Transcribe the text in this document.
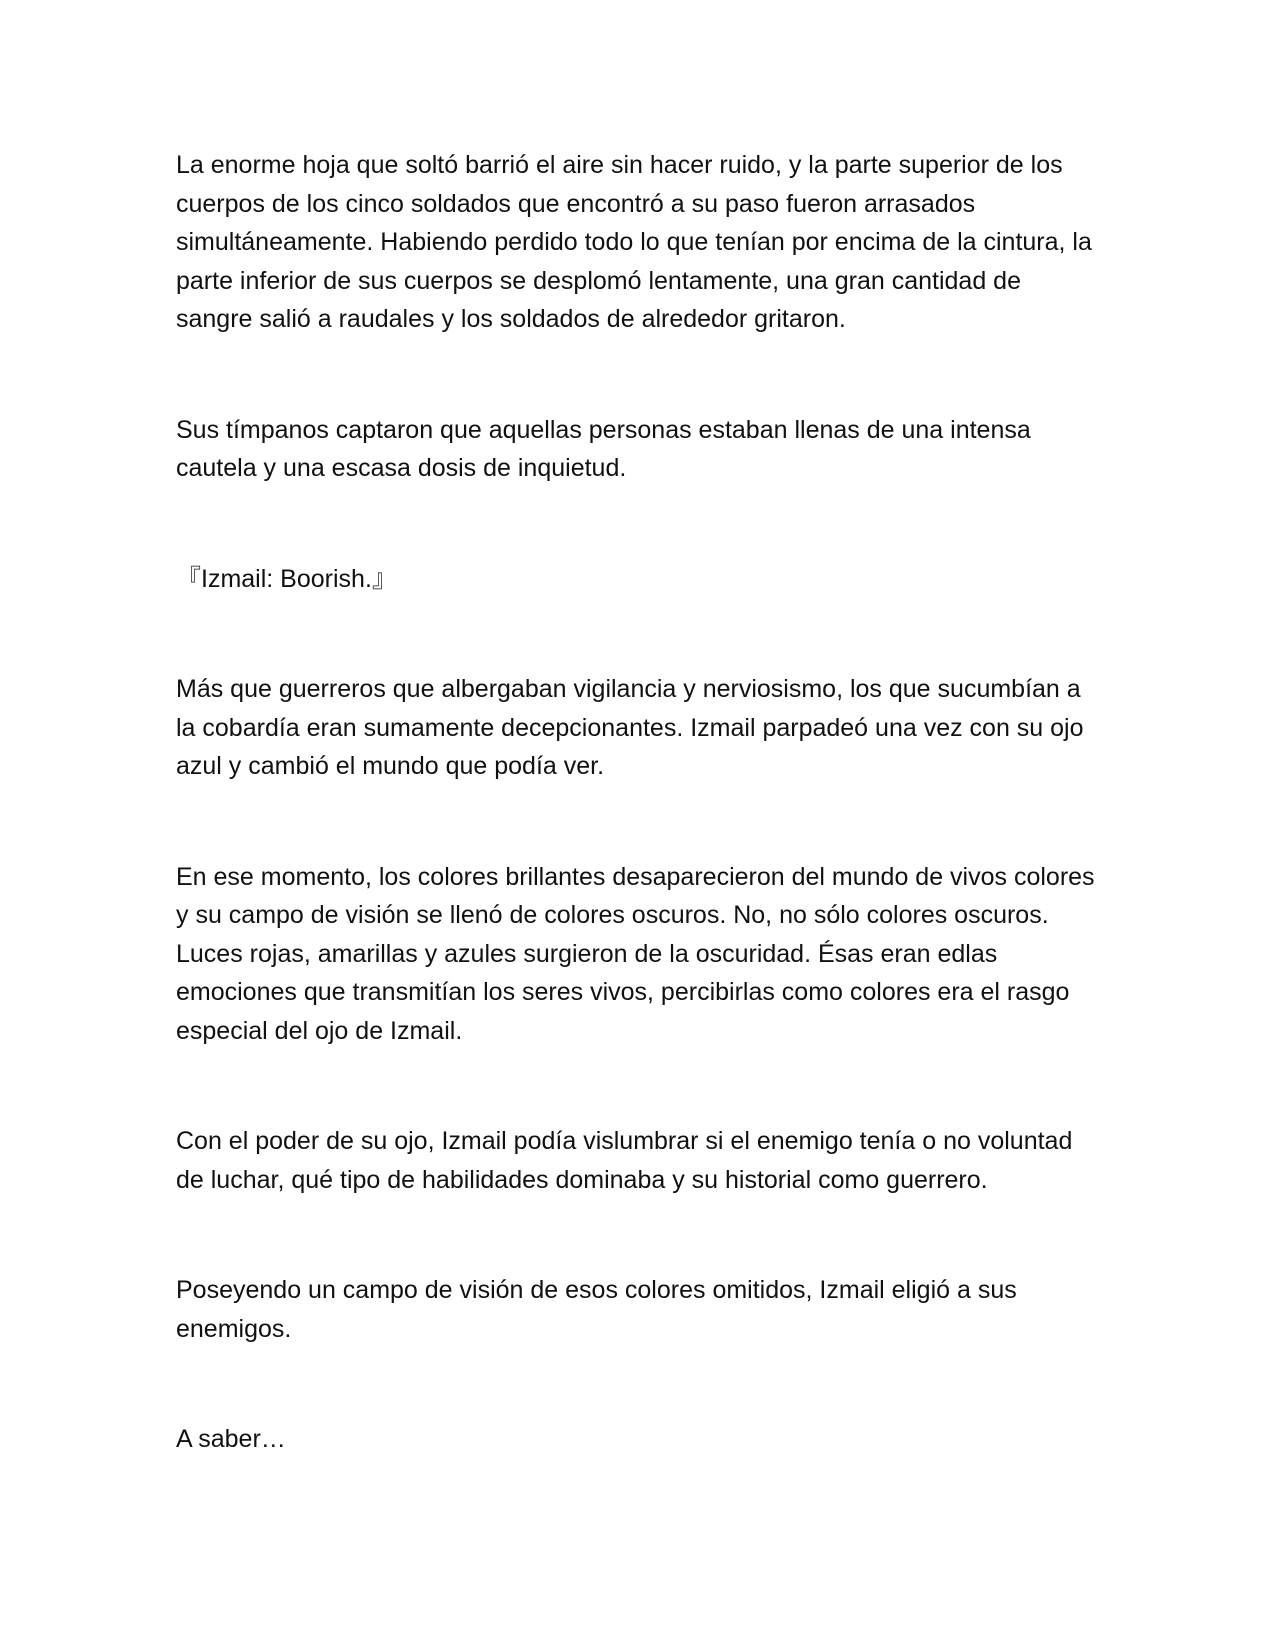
La enorme hoja que soltó barrió el aire sin hacer ruido, y la parte superior de los cuerpos de los cinco soldados que encontró a su paso fueron arrasados simultáneamente. Habiendo perdido todo lo que tenían por encima de la cintura, la parte inferior de sus cuerpos se desplomó lentamente, una gran cantidad de sangre salió a raudales y los soldados de alrededor gritaron.

Sus tímpanos captaron que aquellas personas estaban llenas de una intensa cautela y una escasa dosis de inquietud.

『Izmail: Boorish.』

Más que guerreros que albergaban vigilancia y nerviosismo, los que sucumbían a la cobardía eran sumamente decepcionantes. Izmail parpadeó una vez con su ojo azul y cambió el mundo que podía ver.

En ese momento, los colores brillantes desaparecieron del mundo de vivos colores y su campo de visión se llenó de colores oscuros. No, no sólo colores oscuros. Luces rojas, amarillas y azules surgieron de la oscuridad. Ésas eran edlas emociones que transmitían los seres vivos, percibirlas como colores era el rasgo especial del ojo de Izmail.

Con el poder de su ojo, Izmail podía vislumbrar si el enemigo tenía o no voluntad de luchar, qué tipo de habilidades dominaba y su historial como guerrero.

Poseyendo un campo de visión de esos colores omitidos, Izmail eligió a sus enemigos.

A saber…
